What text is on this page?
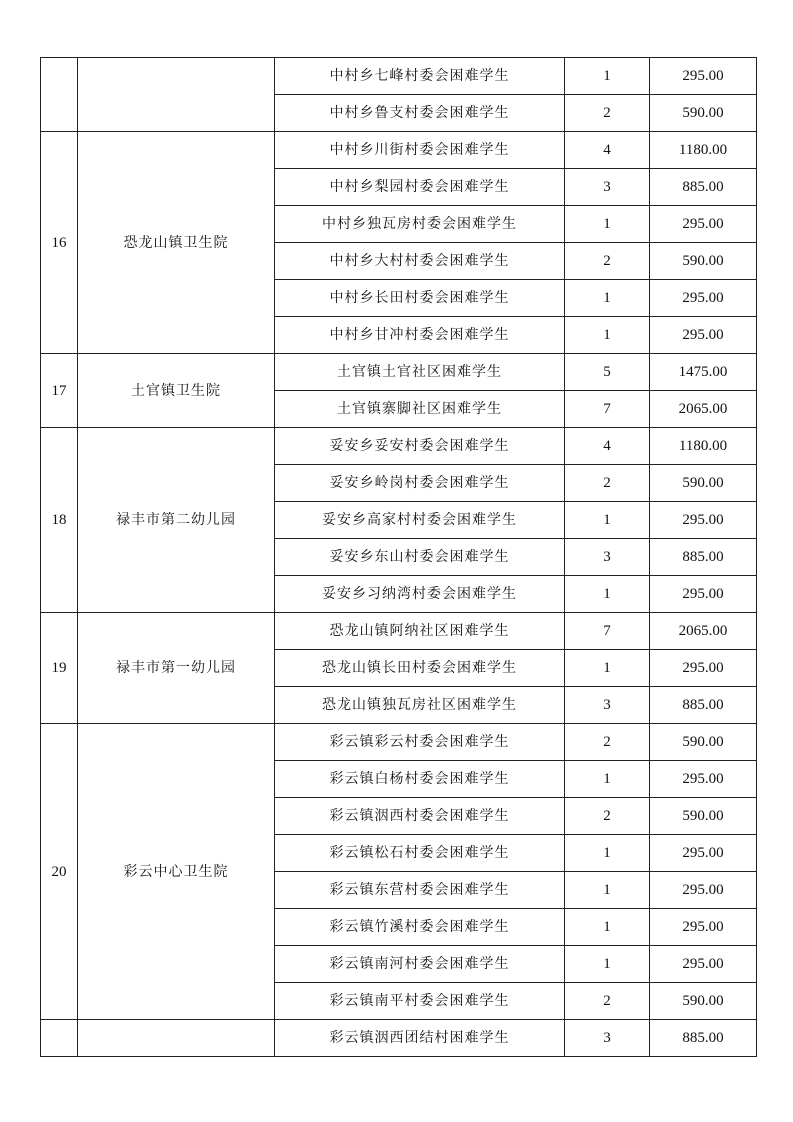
		中村乡七峰村委会困难学生	1	295.00
		中村乡鲁支村委会困难学生	2	590.00
16	恐龙山镇卫生院	中村乡川街村委会困难学生	4	1180.00
		中村乡梨园村委会困难学生	3	885.00
		中村乡独瓦房村委会困难学生	1	295.00
		中村乡大村村委会困难学生	2	590.00
		中村乡长田村委会困难学生	1	295.00
		中村乡甘冲村委会困难学生	1	295.00
17	土官镇卫生院	土官镇土官社区困难学生	5	1475.00
		土官镇寨脚社区困难学生	7	2065.00
18	禄丰市第二幼儿园	妥安乡妥安村委会困难学生	4	1180.00
		妥安乡岭岗村委会困难学生	2	590.00
		妥安乡高家村村委会困难学生	1	295.00
		妥安乡东山村委会困难学生	3	885.00
		妥安乡习纳湾村委会困难学生	1	295.00
19	禄丰市第一幼儿园	恐龙山镇阿纳社区困难学生	7	2065.00
		恐龙山镇长田村委会困难学生	1	295.00
		恐龙山镇独瓦房社区困难学生	3	885.00
20	彩云中心卫生院	彩云镇彩云村委会困难学生	2	590.00
		彩云镇白杨村委会困难学生	1	295.00
		彩云镇洇西村委会困难学生	2	590.00
		彩云镇松石村委会困难学生	1	295.00
		彩云镇东营村委会困难学生	1	295.00
		彩云镇竹溪村委会困难学生	1	295.00
		彩云镇南河村委会困难学生	1	295.00
		彩云镇南平村委会困难学生	2	590.00
		彩云镇洇西团结村困难学生	3	885.00
